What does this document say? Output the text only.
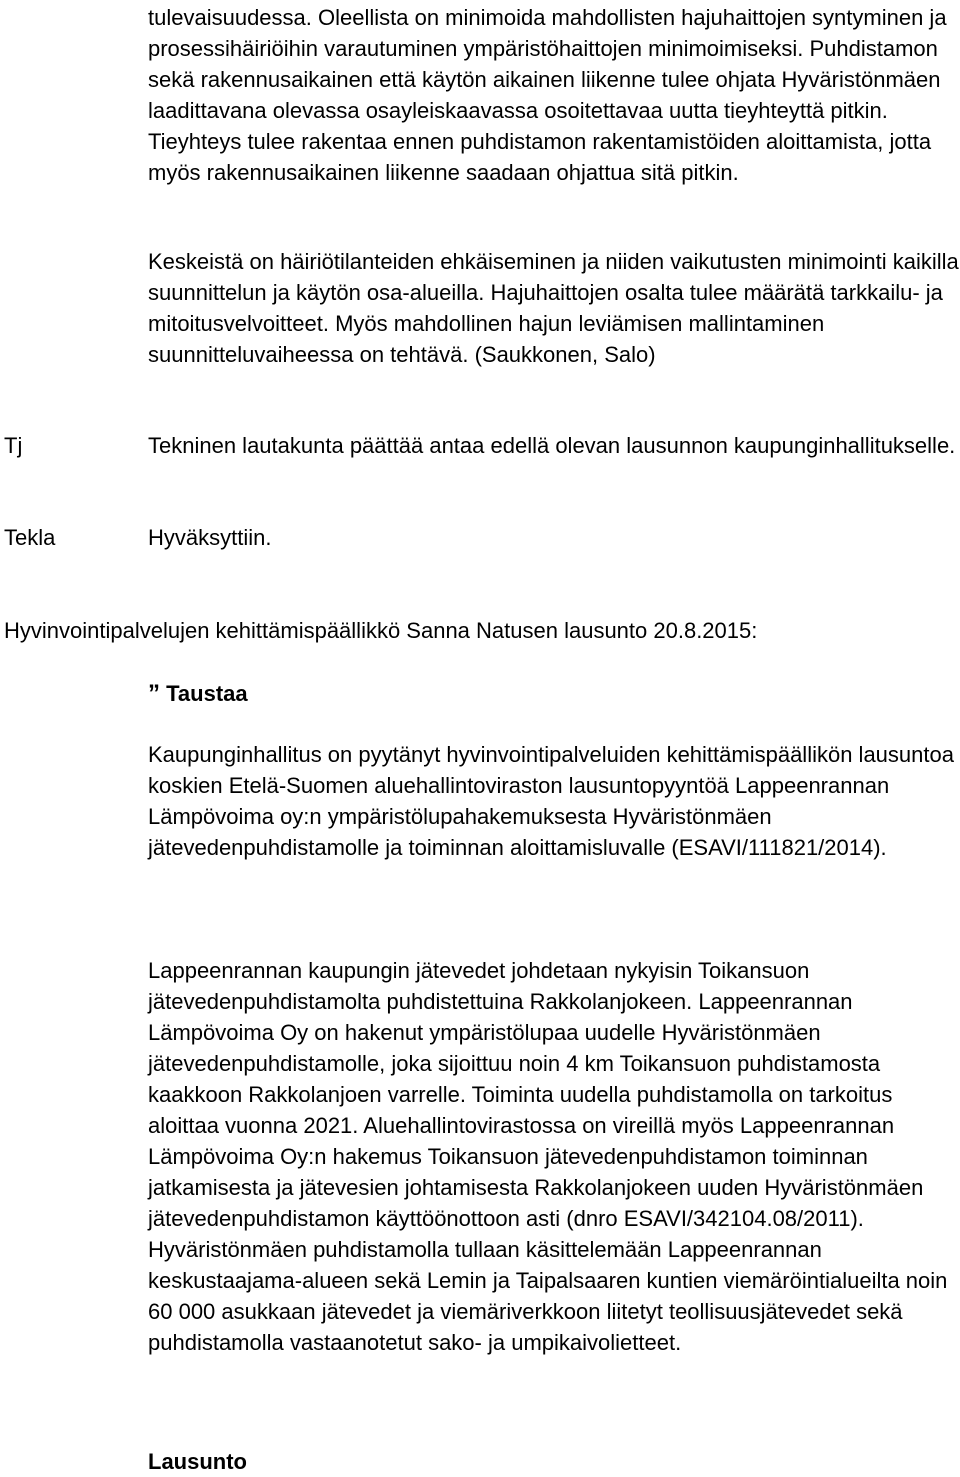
tulevaisuudessa. Oleellista on minimoida mahdollisten hajuhaittojen syntyminen ja prosessihäiriöihin varautuminen ympäristöhaittojen minimoimiseksi. Puhdistamon sekä rakennusaikainen että käytön aikainen liikenne tulee ohjata Hyväristönmäen laadittavana olevassa osayleiskaavassa osoitettavaa uutta tieyhteyttä pitkin. Tieyhteys tulee rakentaa ennen puhdistamon rakentamistöiden aloittamista, jotta myös rakennusaikainen liikenne saadaan ohjattua sitä pitkin.

Keskeistä on häiriötilanteiden ehkäiseminen ja niiden vaikutusten minimointi kaikilla suunnittelun ja käytön osa-alueilla. Hajuhaittojen osalta tulee määrätä tarkkailu- ja mitoitusvelvoitteet. Myös mahdollinen hajun leviämisen mallintaminen suunnitteluvaiheessa on tehtävä. (Saukkonen, Salo)

Tj	Tekninen lautakunta päättää antaa edellä olevan lausunnon kaupunginhallitukselle.

Tekla	Hyväksyttiin.

Hyvinvointipalvelujen kehittämispäällikkö Sanna Natusen lausunto 20.8.2015:
” Taustaa

Kaupunginhallitus on pyytänyt hyvinvointipalveluiden kehittämispäällikön lausuntoa koskien Etelä-Suomen aluehallintoviraston lausuntopyyntöä Lappeenrannan Lämpövoima oy:n ympäristölupahakemuksesta Hyväristönmäen jätevedenpuhdistamolle ja toiminnan aloittamisluvalle (ESAVI/111821/2014).

Lappeenrannan kaupungin jätevedet johdetaan nykyisin Toikansuon jätevedenpuhdistamolta puhdistettuina Rakkolanjokeen. Lappeenrannan Lämpövoima Oy on hakenut ympäristölupaa uudelle Hyväristönmäen jätevedenpuhdistamolle, joka sijoittuu noin 4 km Toikansuon puhdistamosta kaakkoon Rakkolanjoen varrelle. Toiminta uudella puhdistamolla on tarkoitus aloittaa vuonna 2021. Aluehallintovirastossa on vireillä myös Lappeenrannan Lämpövoima Oy:n hakemus Toikansuon jätevedenpuhdistamon toiminnan jatkamisesta ja jätevesien johtamisesta Rakkolanjokeen uuden Hyväristönmäen jätevedenpuhdistamon käyttöönottoon asti (dnro ESAVI/342104.08/2011). Hyväristönmäen puhdistamolla tullaan käsittelemään Lappeenrannan keskustaajama-alueen sekä Lemin ja Taipalsaaren kuntien viemäröintialueilta noin 60 000 asukkaan jätevedet ja viemäriverkkoon liitetyt teollisuusjätevedet sekä puhdistamolla vastaanotetut sako- ja umpikaivolietteet.

Lausunto
